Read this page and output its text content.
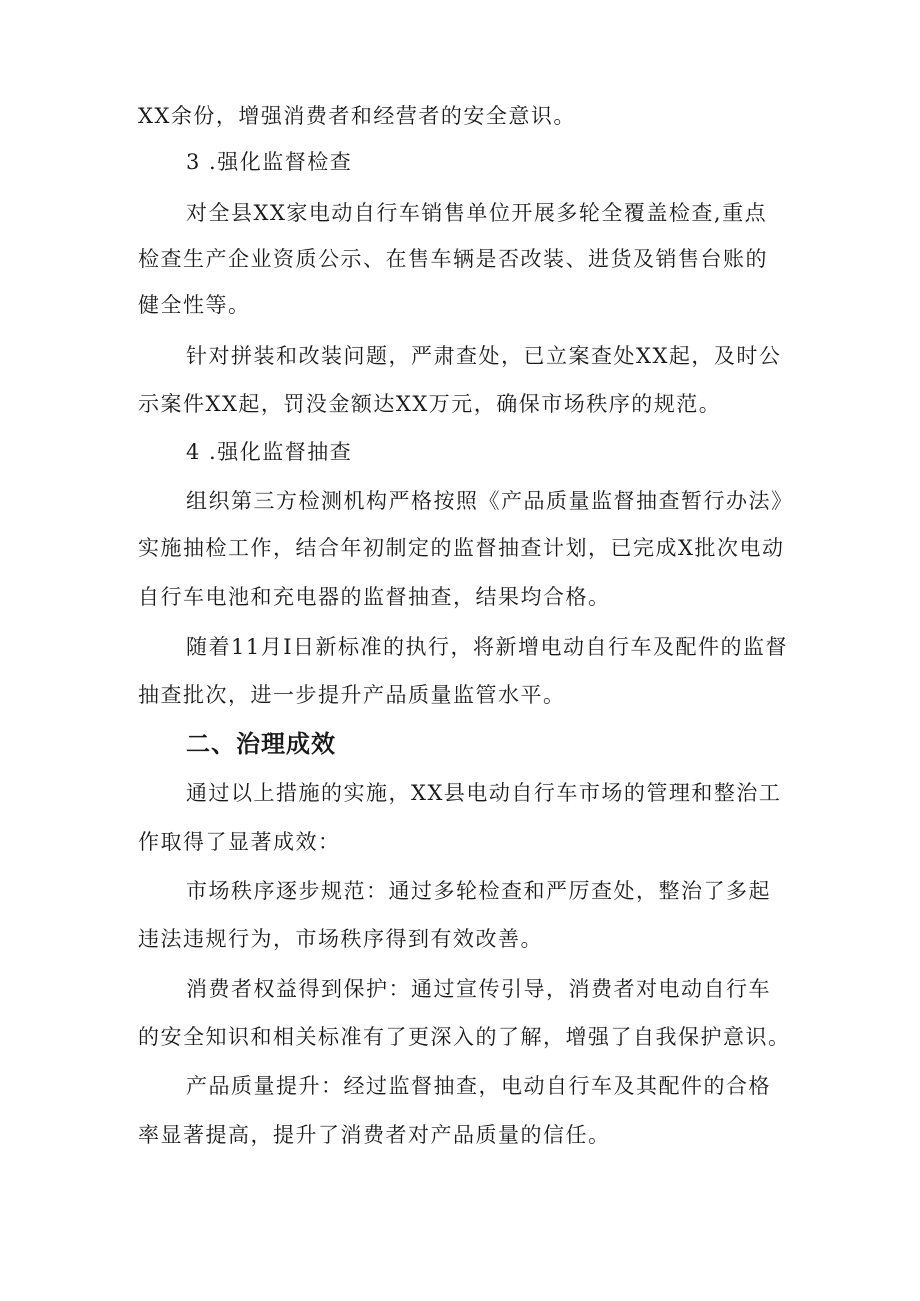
XX余份，增强消费者和经营者的安全意识。
3 .强化监督检查
对全县XX家电动自行车销售单位开展多轮全覆盖检查,重点
检查生产企业资质公示、在售车辆是否改装、进货及销售台账的
健全性等。
针对拼装和改装问题，严肃查处，已立案查处XX起，及时公
示案件XX起，罚没金额达XX万元，确保市场秩序的规范。
4 .强化监督抽查
组织第三方检测机构严格按照《产品质量监督抽查暂行办法》
实施抽检工作，结合年初制定的监督抽查计划，已完成X批次电动
自行车电池和充电器的监督抽查，结果均合格。
随着11月I日新标准的执行，将新增电动自行车及配件的监督
抽查批次，进一步提升产品质量监管水平。
二、治理成效
通过以上措施的实施，XX县电动自行车市场的管理和整治工
作取得了显著成效：
市场秩序逐步规范：通过多轮检查和严厉查处，整治了多起
违法违规行为，市场秩序得到有效改善。
消费者权益得到保护：通过宣传引导，消费者对电动自行车
的安全知识和相关标准有了更深入的了解，增强了自我保护意识。
产品质量提升：经过监督抽查，电动自行车及其配件的合格
率显著提高，提升了消费者对产品质量的信任。
